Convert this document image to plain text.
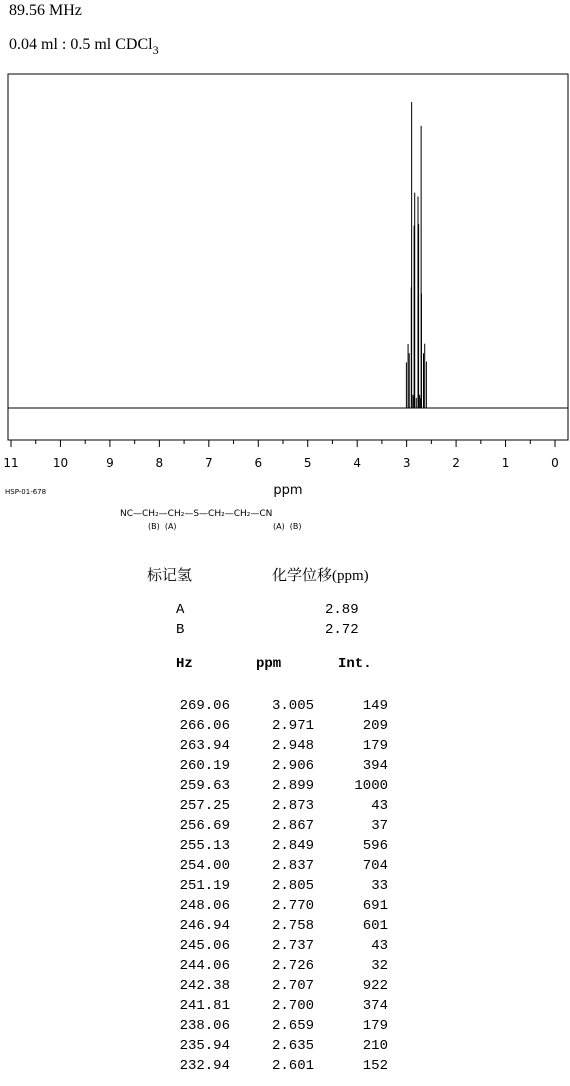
89.56 MHz
0.04 ml : 0.5 ml CDCl$_3$
11	10	9	8	7	6	5	4	3	2	1	0
ppm
HSP-01-678
NC—CH₂—CH₂—S—CH₂—CH₂—CN
(B)  (A)	(A)  (B)
标记氢	化学位移(ppm)
A	2.89
B	2.72
Hz	ppm	Int.
269.06	3.005	149
266.06	2.971	209
263.94	2.948	179
260.19	2.906	394
259.63	2.899	1000
257.25	2.873	43
256.69	2.867	37
255.13	2.849	596
254.00	2.837	704
251.19	2.805	33
248.06	2.770	691
246.94	2.758	601
245.06	2.737	43
244.06	2.726	32
242.38	2.707	922
241.81	2.700	374
238.06	2.659	179
235.94	2.635	210
232.94	2.601	152
